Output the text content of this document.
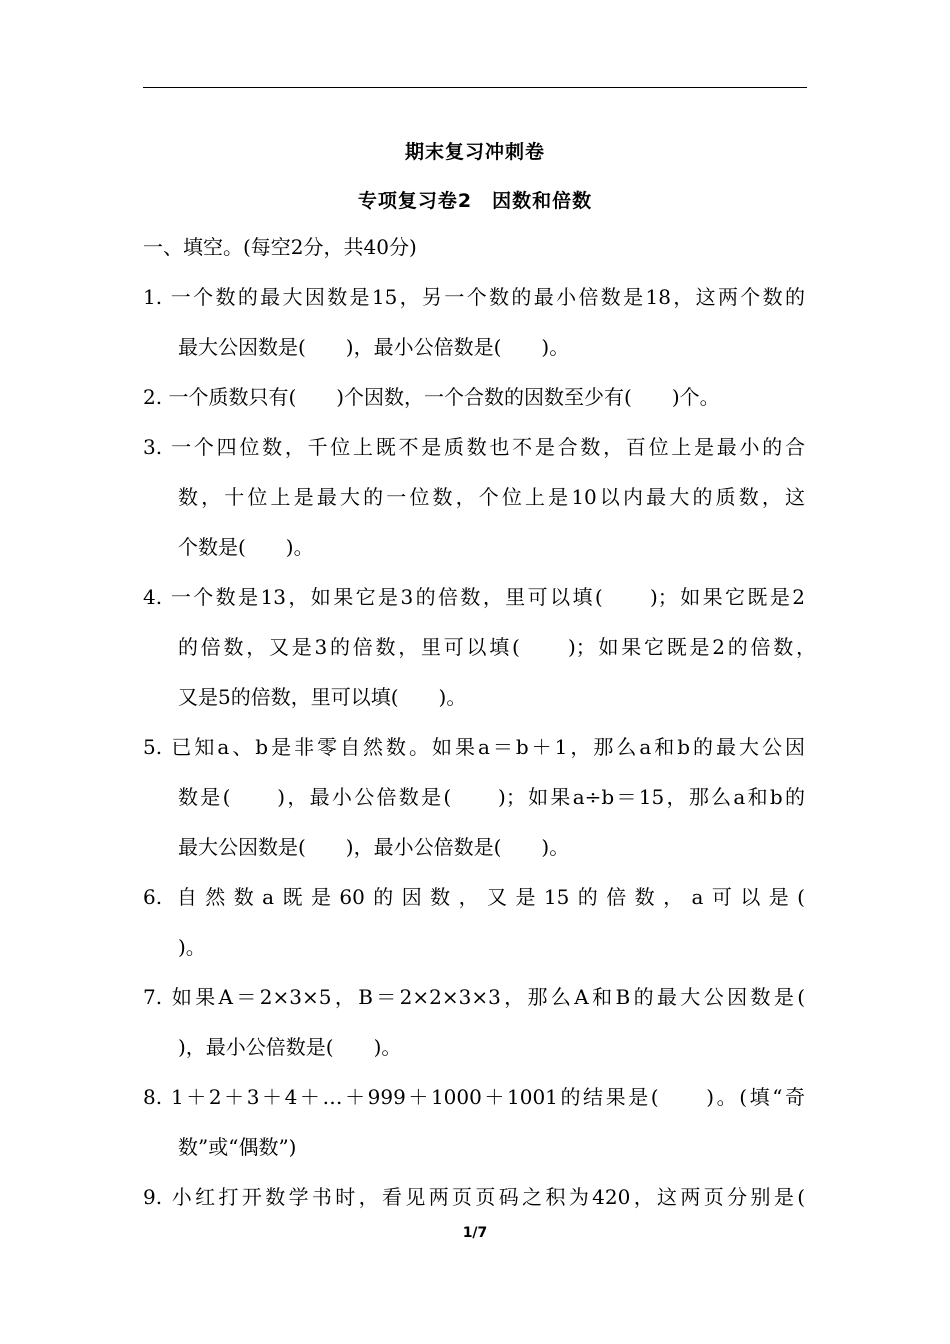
期末复习冲刺卷
专项复习卷2　因数和倍数
一、填空。(每空2分，共40分)
1. 一个数的最大因数是15，另一个数的最小倍数是18，这两个数的
最大公因数是(　　)，最小公倍数是(　　)。
2. 一个质数只有(　　)个因数，一个合数的因数至少有(　　)个。
3. 一个四位数，千位上既不是质数也不是合数，百位上是最小的合
数，十位上是最大的一位数，个位上是10以内最大的质数，这
个数是(　　)。
4. 一个数是13，如果它是3的倍数，里可以填(　　)；如果它既是2
的倍数，又是3的倍数，里可以填(　　)；如果它既是2的倍数，
又是5的倍数，里可以填(　　)。
5. 已知a、b是非零自然数。如果a＝b＋1，那么a和b的最大公因
数是(　　)，最小公倍数是(　　)；如果a÷b＝15，那么a和b的
最大公因数是(　　)，最小公倍数是(　　)。
6. 自然数a既是60的因数，又是15的倍数，a可以是(
)。
7. 如果A＝2×3×5，B＝2×2×3×3，那么A和B的最大公因数是(
)，最小公倍数是(　　)。
8. 1＋2＋3＋4＋…＋999＋1000＋1001的结果是(　　)。(填“奇
数”或“偶数”)
9. 小红打开数学书时，看见两页页码之积为420，这两页分别是(
1/7
